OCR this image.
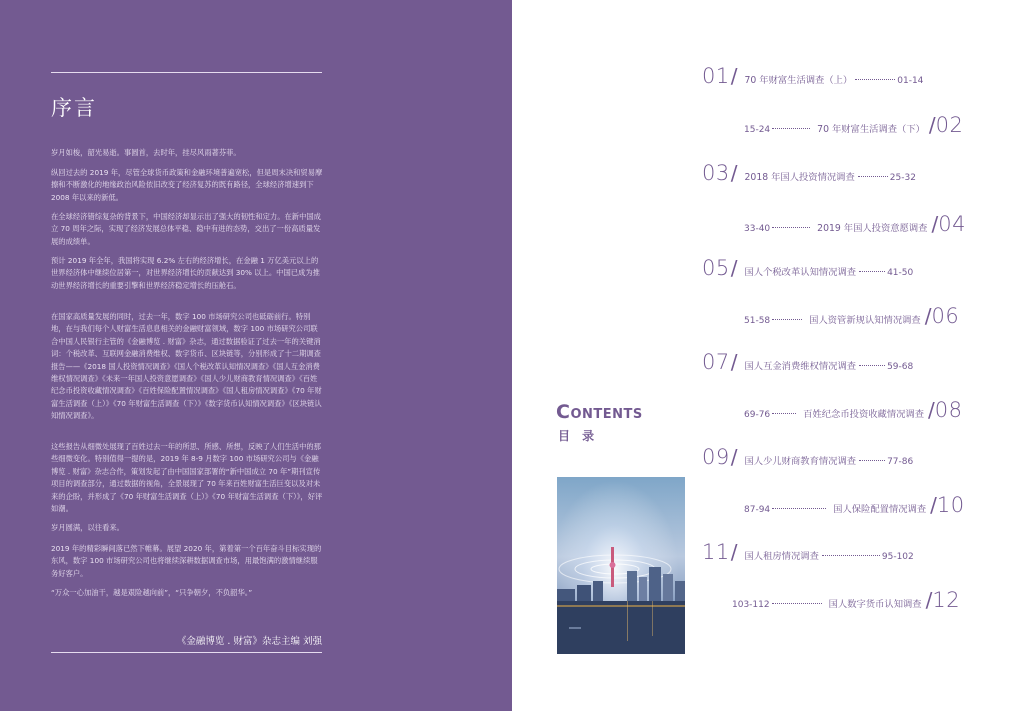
序言

岁月如梭，韶光易逝。事圆首，去时年，挂尽风雨著芬菲。

纵回过去的 2019 年，尽管全球货币政策和金融环境普遍宽松，但是周末决和贸易摩擦和不断激化的地缘政治风险依旧改变了经济复苏的既有路径，全球经济增速到下 2008 年以来的新低。

在全球经济错综复杂的背景下，中国经济却显示出了强大的韧性和定力。在新中国成立 70 周年之际，实现了经济发展总体平稳、稳中有进的态势，交出了一份高质量发展的成绩单。

预计 2019 年全年，我国将实现 6.2% 左右的经济增长，在金融 1 万亿美元以上的世界经济体中继续位居第一，对世界经济增长的贡献达到 30% 以上。中国已成为推动世界经济增长的重要引擎和世界经济稳定增长的压舱石。

在国家高质量发展的同时，过去一年，数字 100 市场研究公司也砥砺前行。特别地，在与我们每个人财富生活息息相关的金融财富领域，数字 100 市场研究公司联合中国人民银行主管的《金融博览 . 财富》杂志，通过数据验证了过去一年的关键消词：个税改革、互联网金融消费维权、数字货币、区块链等，分别形成了十二期调查报告——《2018 国人投资情况调查》《国人个税改革认知情况调查》《国人互金消费维权情况调查》《未来一年国人投资意愿调查》《国人少儿财商教育情况调查》《百姓纪念币投资收藏情况调查》《百姓保险配置情况调查》《国人租房情况调查》《70 年财富生活调查（上）》《70 年财富生活调查（下）》《数字货币认知情况调查》《区块链认知情况调查》。

这些报告从细微处展现了百姓过去一年的所思、所感、所想，反映了人们生活中的那些细微变化。特别值得一提的是，2019 年 8-9 月数字 100 市场研究公司与《金融博览 . 财富》杂志合作，策划发起了由中国国家部署的“新中国成立 70 年”期刊宣传项目的调查部分，通过数据的视角，全景展现了 70 年来百姓财富生活巨变以及对未来的企盼，并形成了《70 年财富生活调查（上）》《70 年财富生活调查（下）》，好评如潮。

岁月圆满，以往看来。

2019 年的精彩瞬间落已然下帷幕。展望 2020 年，第着第一个百年奋斗目标实现的东风，数字 100 市场研究公司也将继续深耕数据调查市场，用最饱满的激情继续服务好客户。

“万众一心加油干，越是艰险越向前”，“只争朝夕，不负韶华。”

《金融博览 . 财富》杂志主编 刘强

Contents
目 录
01/ 70 年财富生活调查（上）	01-14
15-24	70 年财富生活调查（下） /02
03/ 2018 年国人投资情况调查	25-32
33-40	2019 年国人投资意愿调查 /04
05/ 国人个税改革认知情况调查	41-50
51-58	国人资管新规认知情况调查 /06
07/ 国人互金消费维权情况调查	59-68
69-76	百姓纪念币投资收藏情况调查 /08
09/ 国人少儿财商教育情况调查	77-86
87-94	国人保险配置情况调查 /10
11/ 国人租房情况调查	95-102
103-112	国人数字货币认知调查 /12
